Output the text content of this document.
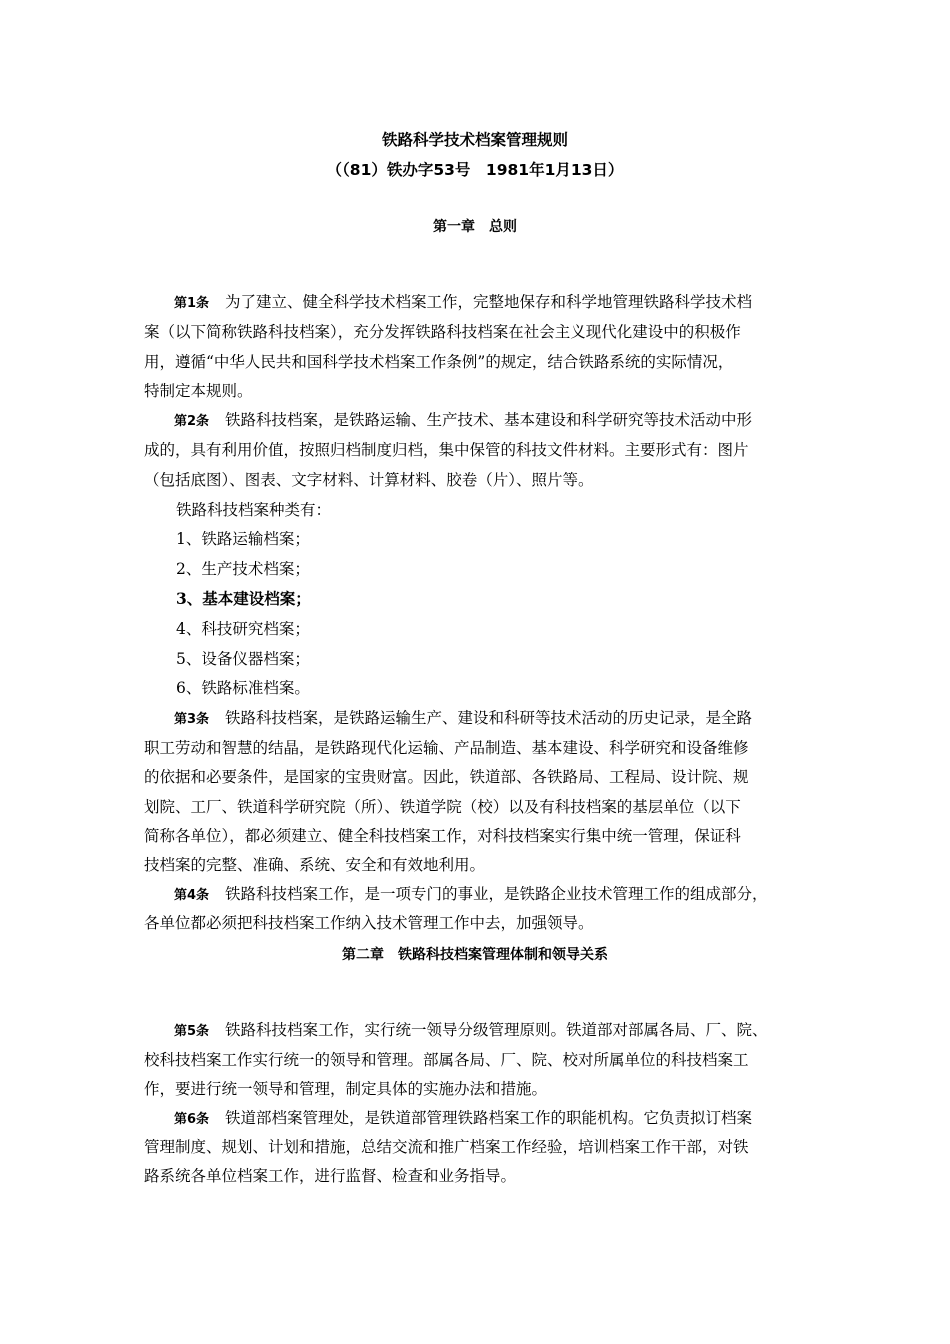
铁路科学技术档案管理规则
（（81）铁办字53号　1981年1月13日）
第一章　总则
第1条 为了建立、健全科学技术档案工作，完整地保存和科学地管理铁路科学技术档
案（以下简称铁路科技档案），充分发挥铁路科技档案在社会主义现代化建设中的积极作
用，遵循“中华人民共和国科学技术档案工作条例”的规定，结合铁路系统的实际情况，
特制定本规则。
第2条 铁路科技档案，是铁路运输、生产技术、基本建设和科学研究等技术活动中形
成的，具有利用价值，按照归档制度归档，集中保管的科技文件材料。主要形式有：图片
（包括底图）、图表、文字材料、计算材料、胶卷（片）、照片等。
铁路科技档案种类有：
1、铁路运输档案；
2、生产技术档案；
3、基本建设档案；
4、科技研究档案；
5、设备仪器档案；
6、铁路标准档案。
第3条 铁路科技档案，是铁路运输生产、建设和科研等技术活动的历史记录，是全路
职工劳动和智慧的结晶，是铁路现代化运输、产品制造、基本建设、科学研究和设备维修
的依据和必要条件，是国家的宝贵财富。因此，铁道部、各铁路局、工程局、设计院、规
划院、工厂、铁道科学研究院（所）、铁道学院（校）以及有科技档案的基层单位（以下
简称各单位），都必须建立、健全科技档案工作，对科技档案实行集中统一管理，保证科
技档案的完整、准确、系统、安全和有效地利用。
第4条 铁路科技档案工作，是一项专门的事业，是铁路企业技术管理工作的组成部分，
各单位都必须把科技档案工作纳入技术管理工作中去，加强领导。
第二章　铁路科技档案管理体制和领导关系
第5条 铁路科技档案工作，实行统一领导分级管理原则。铁道部对部属各局、厂、院、
校科技档案工作实行统一的领导和管理。部属各局、厂、院、校对所属单位的科技档案工
作，要进行统一领导和管理，制定具体的实施办法和措施。
第6条 铁道部档案管理处，是铁道部管理铁路档案工作的职能机构。它负责拟订档案
管理制度、规划、计划和措施，总结交流和推广档案工作经验，培训档案工作干部，对铁
路系统各单位档案工作，进行监督、检查和业务指导。
